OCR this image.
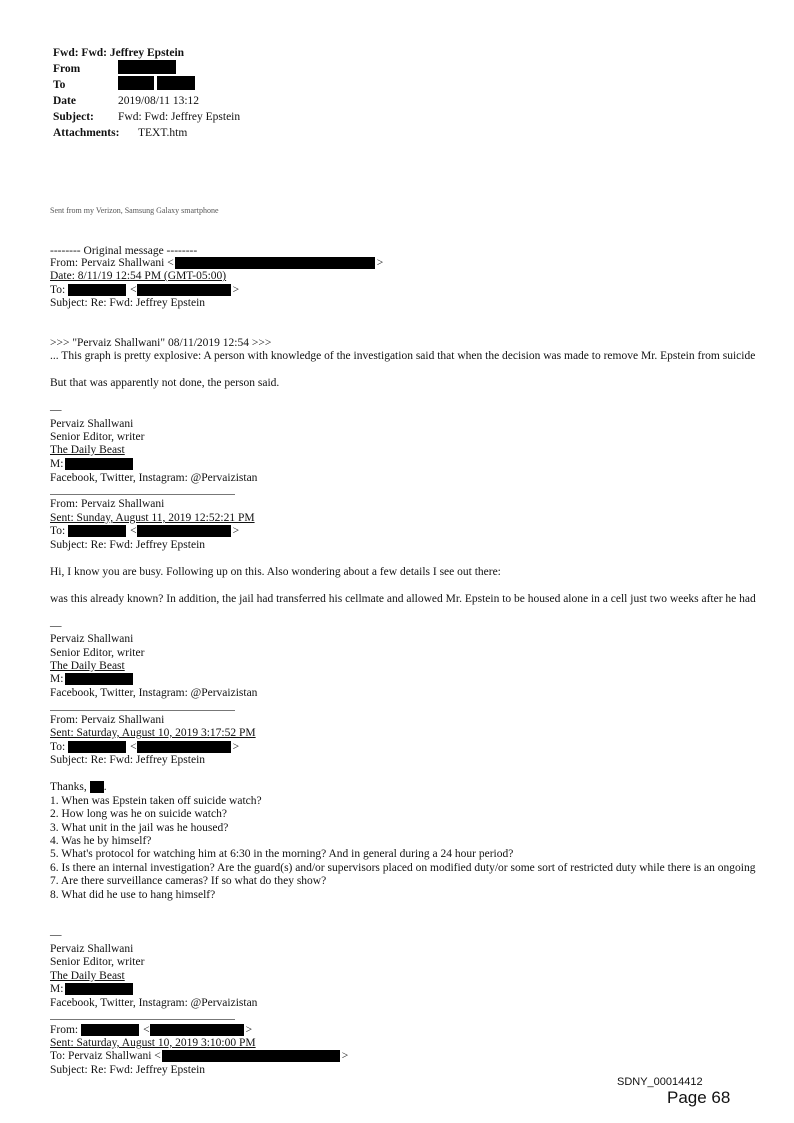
Fwd: Fwd: Jeffrey Epstein
From
To
Date	2019/08/11 13:12
Subject: Fwd: Fwd: Jeffrey Epstein
Attachments: TEXT.htm
Sent from my Verizon, Samsung Galaxy smartphone
-------- Original message --------
From: Pervaiz Shallwani <	>
Date: 8/11/19 12:54 PM (GMT-05:00)
To:	<	>
Subject: Re: Fwd: Jeffrey Epstein
>>> "Pervaiz Shallwani" 08/11/2019 12:54 >>>
... This graph is pretty explosive: A person with knowledge of the investigation said that when the decision was made to remove Mr. Epstein from suicide
But that was apparently not done, the person said.
—
Pervaiz Shallwani
Senior Editor, writer
The Daily Beast
M:
Facebook, Twitter, Instagram: @Pervaizistan
From: Pervaiz Shallwani
Sent: Sunday, August 11, 2019 12:52:21 PM
To:	<	>
Subject: Re: Fwd: Jeffrey Epstein
Hi, I know you are busy. Following up on this. Also wondering about a few details I see out there:
was this already known? In addition, the jail had transferred his cellmate and allowed Mr. Epstein to be housed alone in a cell just two weeks after he had
—
Pervaiz Shallwani
Senior Editor, writer
The Daily Beast
M:
Facebook, Twitter, Instagram: @Pervaizistan
From: Pervaiz Shallwani
Sent: Saturday, August 10, 2019 3:17:52 PM
To:	<	>
Subject: Re: Fwd: Jeffrey Epstein
Thanks, .
1. When was Epstein taken off suicide watch?
2. How long was he on suicide watch?
3. What unit in the jail was he housed?
4. Was he by himself?
5. What's protocol for watching him at 6:30 in the morning? And in general during a 24 hour period?
6. Is there an internal investigation? Are the guard(s) and/or supervisors placed on modified duty/or some sort of restricted duty while there is an ongoing
7. Are there surveillance cameras? If so what do they show?
8. What did he use to hang himself?
—
Pervaiz Shallwani
Senior Editor, writer
The Daily Beast
M:
Facebook, Twitter, Instagram: @Pervaizistan
From:	<	>
Sent: Saturday, August 10, 2019 3:10:00 PM
To: Pervaiz Shallwani <	>
Subject: Re: Fwd: Jeffrey Epstein
SDNY_00014412
Page 68
